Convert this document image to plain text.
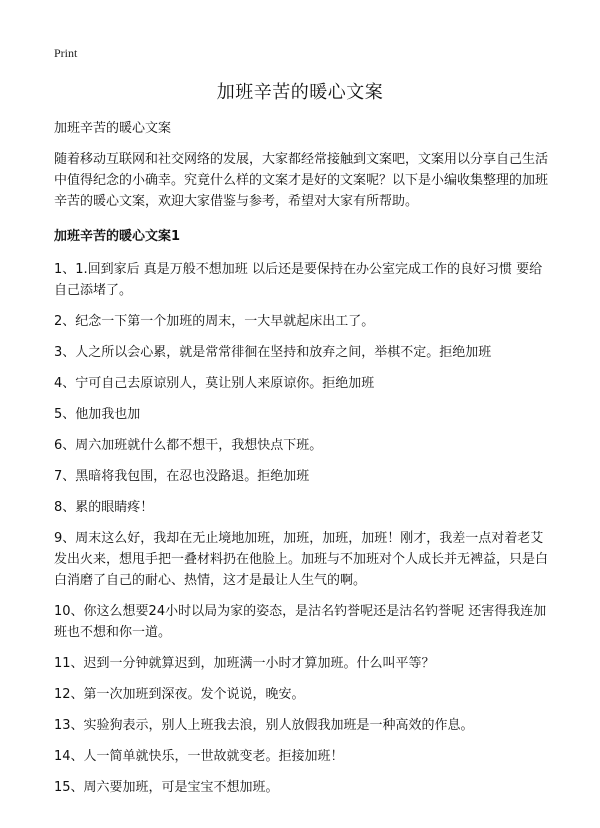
Print
加班辛苦的暖心文案

加班辛苦的暖心文案

随着移动互联网和社交网络的发展，大家都经常接触到文案吧，文案用以分享自己生活中值得纪念的小确幸。究竟什么样的文案才是好的文案呢？以下是小编收集整理的加班辛苦的暖心文案，欢迎大家借鉴与参考，希望对大家有所帮助。

加班辛苦的暖心文案1

1、1.回到家后 真是万般不想加班 以后还是要保持在办公室完成工作的良好习惯 要给自己添堵了。

2、纪念一下第一个加班的周末，一大早就起床出工了。

3、人之所以会心累，就是常常徘徊在坚持和放弃之间，举棋不定。拒绝加班

4、宁可自己去原谅别人，莫让别人来原谅你。拒绝加班

5、他加我也加

6、周六加班就什么都不想干，我想快点下班。

7、黑暗将我包围，在忍也没路退。拒绝加班

8、累的眼睛疼！

9、周末这么好，我却在无止境地加班，加班，加班，加班！刚才，我差一点对着老艾发出火来，想甩手把一叠材料扔在他脸上。加班与不加班对个人成长并无裨益，只是白白消磨了自己的耐心、热情，这才是最让人生气的啊。

10、你这么想要24小时以局为家的姿态，是沽名钓誉呢还是沽名钓誉呢 还害得我连加班也不想和你一道。

11、迟到一分钟就算迟到，加班满一小时才算加班。什么叫平等？

12、第一次加班到深夜。发个说说，晚安。

13、实验狗表示，别人上班我去浪，别人放假我加班是一种高效的作息。

14、人一简单就快乐，一世故就变老。拒接加班！

15、周六要加班，可是宝宝不想加班。
